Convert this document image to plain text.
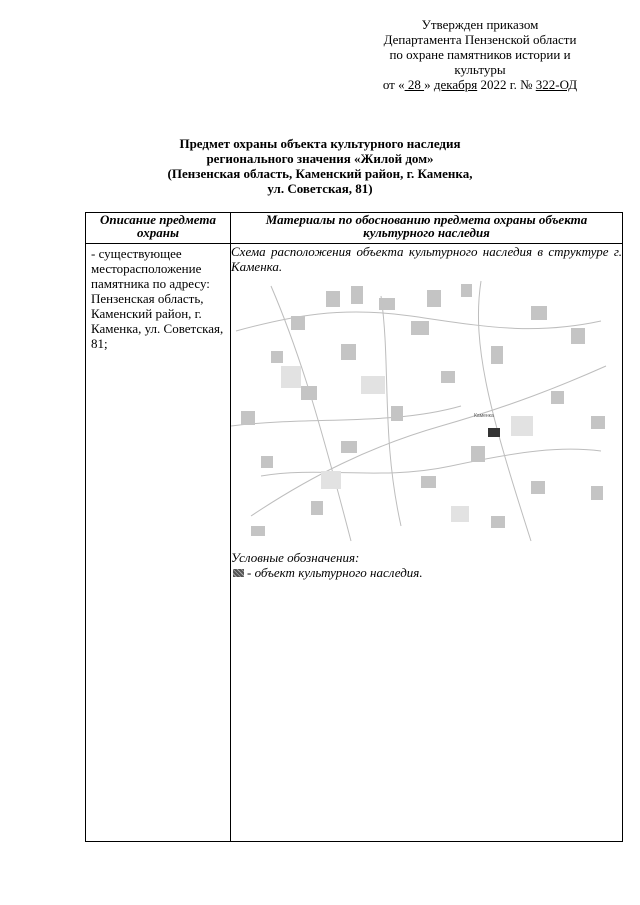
Утвержден приказом
Департамента Пензенской области
по охране памятников истории и
культуры
от « 28 » декабря 2022 г. № 322-ОД
Предмет охраны объекта культурного наследия
регионального значения «Жилой дом»
(Пензенская область, Каменский район, г. Каменка,
ул. Советская, 81)
Описание предмета охраны	Материалы по обоснованию предмета охраны объекта культурного наследия

- существующее месторасположение памятника по адресу: Пензенская область, Каменский район, г. Каменка, ул. Советская, 81;	Схема расположения объекта культурного наследия в структуре г. Каменка.
Каменка
Условные обозначения:
- объект культурного наследия.
